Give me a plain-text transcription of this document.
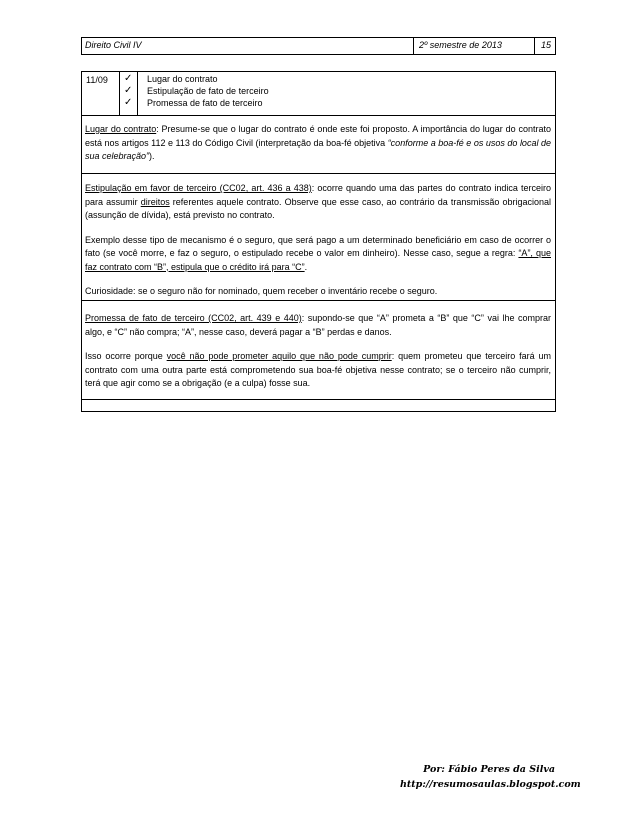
Direito Civil IV	2º semestre de 2013	15
11/09 ✓	Lugar do contrato
✓	Estipulação de fato de terceiro
✓	Promessa de fato de terceiro

Lugar do contrato: Presume-se que o lugar do contrato é onde este foi proposto. A importância do lugar do contrato está nos artigos 112 e 113 do Código Civil (interpretação da boa-fé objetiva “conforme a boa-fé e os usos do local de sua celebração”).

Estipulação em favor de terceiro (CC02, art. 436 a 438): ocorre quando uma das partes do contrato indica terceiro para assumir direitos referentes aquele contrato. Observe que esse caso, ao contrário da transmissão obrigacional (assunção de dívida), está previsto no contrato.

Exemplo desse tipo de mecanismo é o seguro, que será pago a um determinado beneficiário em caso de ocorrer o fato (se você morre, e faz o seguro, o estipulado recebe o valor em dinheiro). Nesse caso, segue a regra: “A”, que faz contrato com “B”, estipula que o crédito irá para “C”.

Curiosidade: se o seguro não for nominado, quem receber o inventário recebe o seguro.

Promessa de fato de terceiro (CC02, art. 439 e 440): supondo-se que “A” prometa a “B” que “C” vai lhe comprar algo, e “C” não compra; “A”, nesse caso, deverá pagar a “B” perdas e danos.

Isso ocorre porque você não pode prometer aquilo que não pode cumprir: quem prometeu que terceiro fará um contrato com uma outra parte está comprometendo sua boa-fé objetiva nesse contrato; se o terceiro não cumprir, terá que agir como se a obrigação (e a culpa) fosse sua.

Por: Fábio Peres da Silva
http://resumosaulas.blogspot.com
